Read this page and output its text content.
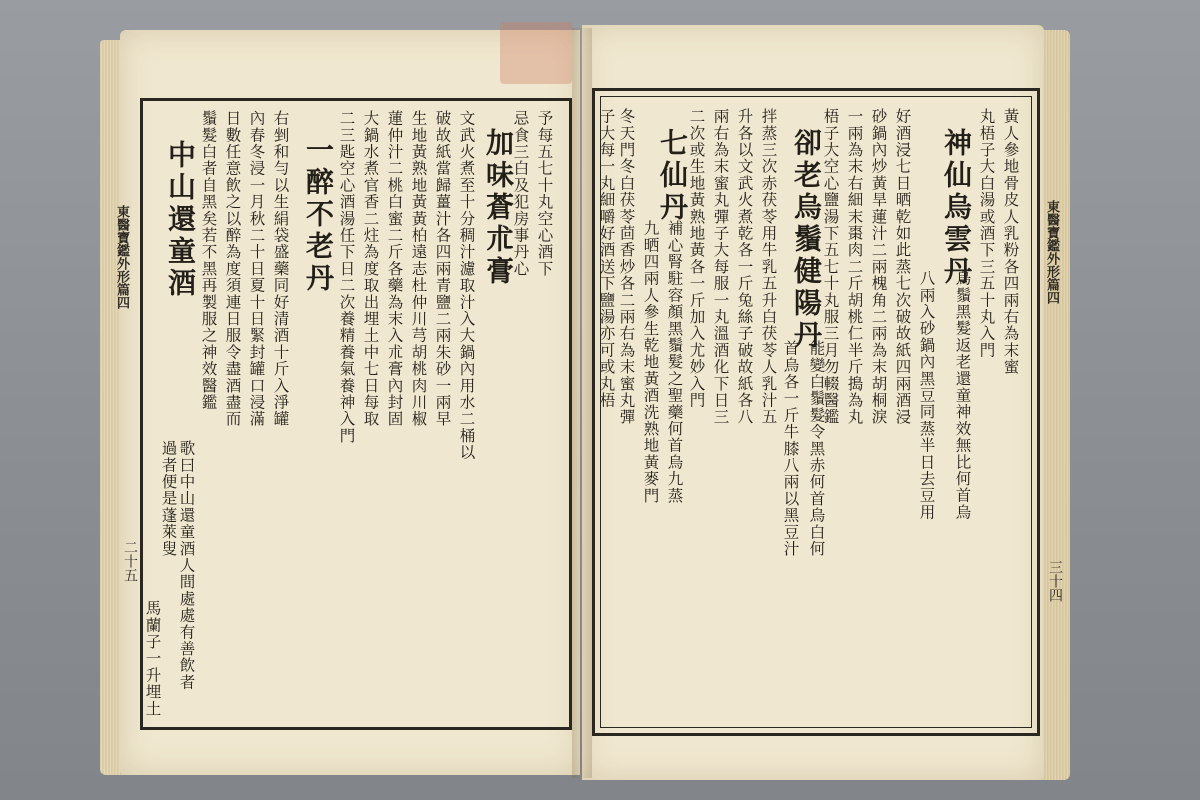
東醫寶鑑外形篇四
二十五
東醫寶鑑外形篇四
三十四
予每五七十丸空心酒下
忌食三白及犯房事丹心
加味蒼朮膏
文武火煮至十分稠汁濾取汁入大鍋內用水二桶以
破故紙當歸薑汁各四兩青鹽二兩朱砂一兩早
生地黃熟地黃黃柏遠志杜仲川芎胡桃肉川椒
蓮仲汁二桃白蜜二斤各藥為末入朮膏內封固
大鍋水煮官香二炷為度取出埋土中七日每取
二三匙空心酒湯任下日二次養精養氣養神入門
一醉不老丹
右剉和勻以生絹袋盛藥同好清酒十斤入淨罐
內春冬浸一月秋二十日夏十日緊封罐口浸滿
日數任意飲之以醉為度須連日服令盡酒盡而
鬚髮白者自黑矣若不黑再製服之神效醫鑑
中山還童酒
歌曰中山還童酒人間處處有善飲者
過者便是蓬萊叟
馬蘭子一升埋土
神仙烏雲丹 黃人參地骨皮人乳粉各四兩右為末蜜
丸梧子大白湯或酒下三五十丸入門
烏鬚黑髮返老還童神效無比何首烏
八兩入砂鍋內黑豆同蒸半日去豆用
好酒浸七日晒乾如此蒸七次破故紙四兩酒浸
砂鍋內炒黃旱蓮汁二兩槐角二兩為末胡桐淚
一兩為末右細末棗肉二斤胡桃仁半斤搗為丸
梧子大空心鹽湯下五七十丸服三月勿輟醫鑑
卻老烏鬚健陽丹
能變白鬚髮令黑赤何首烏白何
首烏各一斤牛膝八兩以黑豆汁
拌蒸三次赤茯苓用牛乳五升白茯苓人乳汁五
升各以文武火煮乾各一斤兔絲子破故紙各八
兩右為末蜜丸彈子大每服一丸溫酒化下日三
二次或生地黃熟地黃各一斤加入尤妙入門
七仙丹
補心腎駐容顏黑鬚髮之聖藥何首烏九蒸
九晒四兩人參生乾地黃酒洗熟地黃麥門
冬天門冬白茯苓茴香炒各二兩右為末蜜丸彈
子大每一丸細嚼好酒送下鹽湯亦可或丸梧
